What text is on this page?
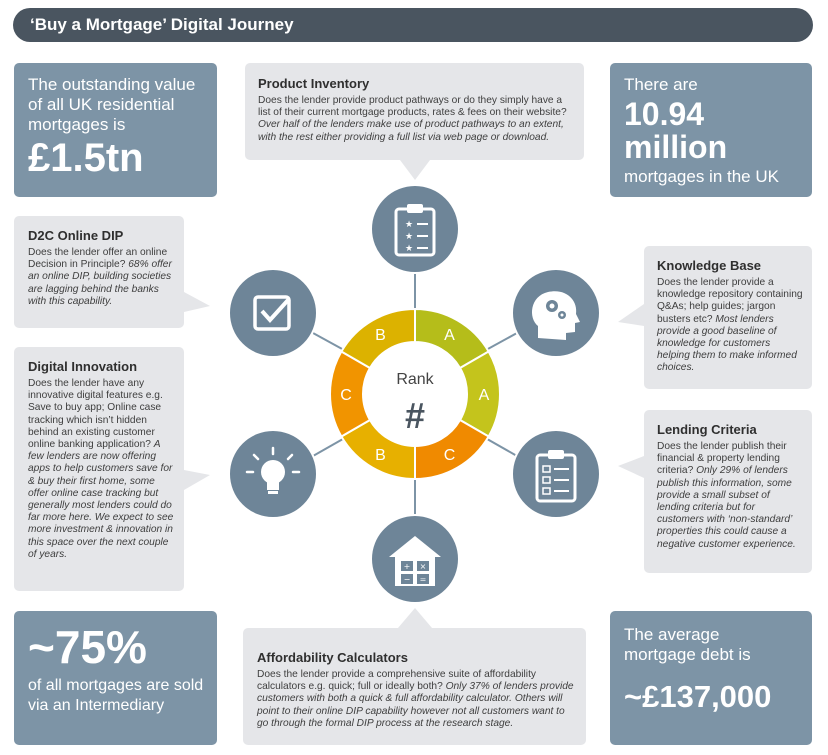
‘Buy a Mortgage’ Digital Journey
The outstanding value
of all UK residential
mortgages is
£1.5tn
There are
10.94
million
mortgages in the UK
~75%
of all mortgages are sold
via an Intermediary
The average
mortgage debt is
~£137,000
A
A
C
B
C
B
Rank
#
★
★
★
+ ×
− =
Product Inventory
Does the lender provide product pathways or do they simply have a list of their current mortgage products, rates & fees on their website? Over half of the lenders make use of product pathways to an extent, with the rest either providing a full list via web page or download.
D2C Online DIP
Does the lender offer an online Decision in Principle? 68% offer an online DIP, building societies are lagging behind the banks with this capability.
Knowledge Base
Does the lender provide a knowledge repository containing Q&As; help guides; jargon busters etc? Most lenders provide a good baseline of knowledge for customers helping them to make informed choices.
Digital Innovation
Does the lender have any innovative digital features e.g. Save to buy app; Online case tracking which isn’t hidden behind an existing customer online banking application? A few lenders are now offering apps to help customers save for & buy their first home, some offer online case tracking but generally most lenders could do far more here. We expect to see more investment & innovation in this space over the next couple of years.
Lending Criteria
Does the lender publish their financial & property lending criteria? Only 29% of lenders publish this information, some provide a small subset of lending criteria but for customers with ‘non-standard’ properties this could cause a negative customer experience.
Affordability Calculators
Does the lender provide a comprehensive suite of affordability calculators e.g. quick; full or ideally both? Only 37% of lenders provide customers with both a quick & full affordability calculator. Others will point to their online DIP capability however not all customers want to go through the formal DIP process at the research stage.
